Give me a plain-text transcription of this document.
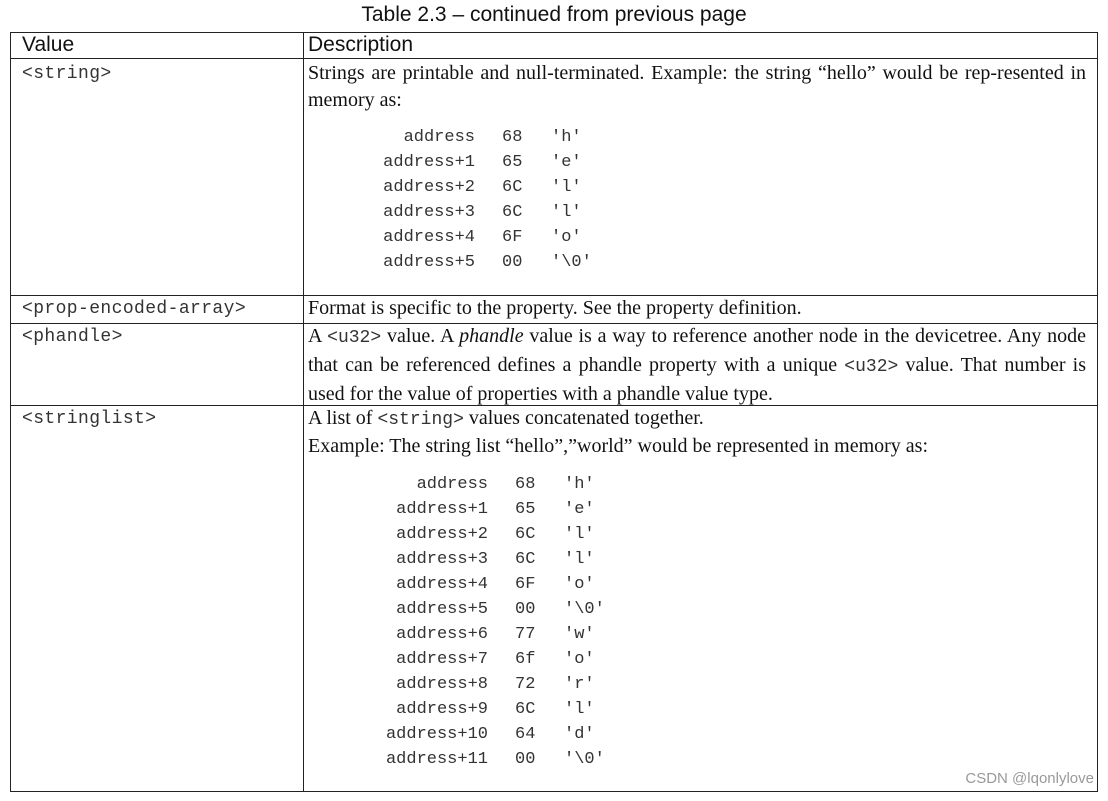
Table 2.3 – continued from previous page
Value	Description
<string>	Strings are printable and null-terminated. Example: the string “hello” would be rep-resented in memory as:
address 68 'h'
address+1 65 'e'
address+2 6C 'l'
address+3 6C 'l'
address+4 6F 'o'
address+5 00 '\0'
<prop-encoded-array>	Format is specific to the property. See the property definition.
<phandle>	A <u32> value. A phandle value is a way to reference another node in the devicetree. Any node that can be referenced defines a phandle property with a unique <u32> value. That number is used for the value of properties with a phandle value type.
<stringlist>	A list of <string> values concatenated together.
Example: The string list “hello”,”world” would be represented in memory as:
address 68 'h'
address+1 65 'e'
address+2 6C 'l'
address+3 6C 'l'
address+4 6F 'o'
address+5 00 '\0'
address+6 77 'w'
address+7 6f 'o'
address+8 72 'r'
address+9 6C 'l'
address+10 64 'd'
address+11 00 '\0'
CSDN @lqonlylove
